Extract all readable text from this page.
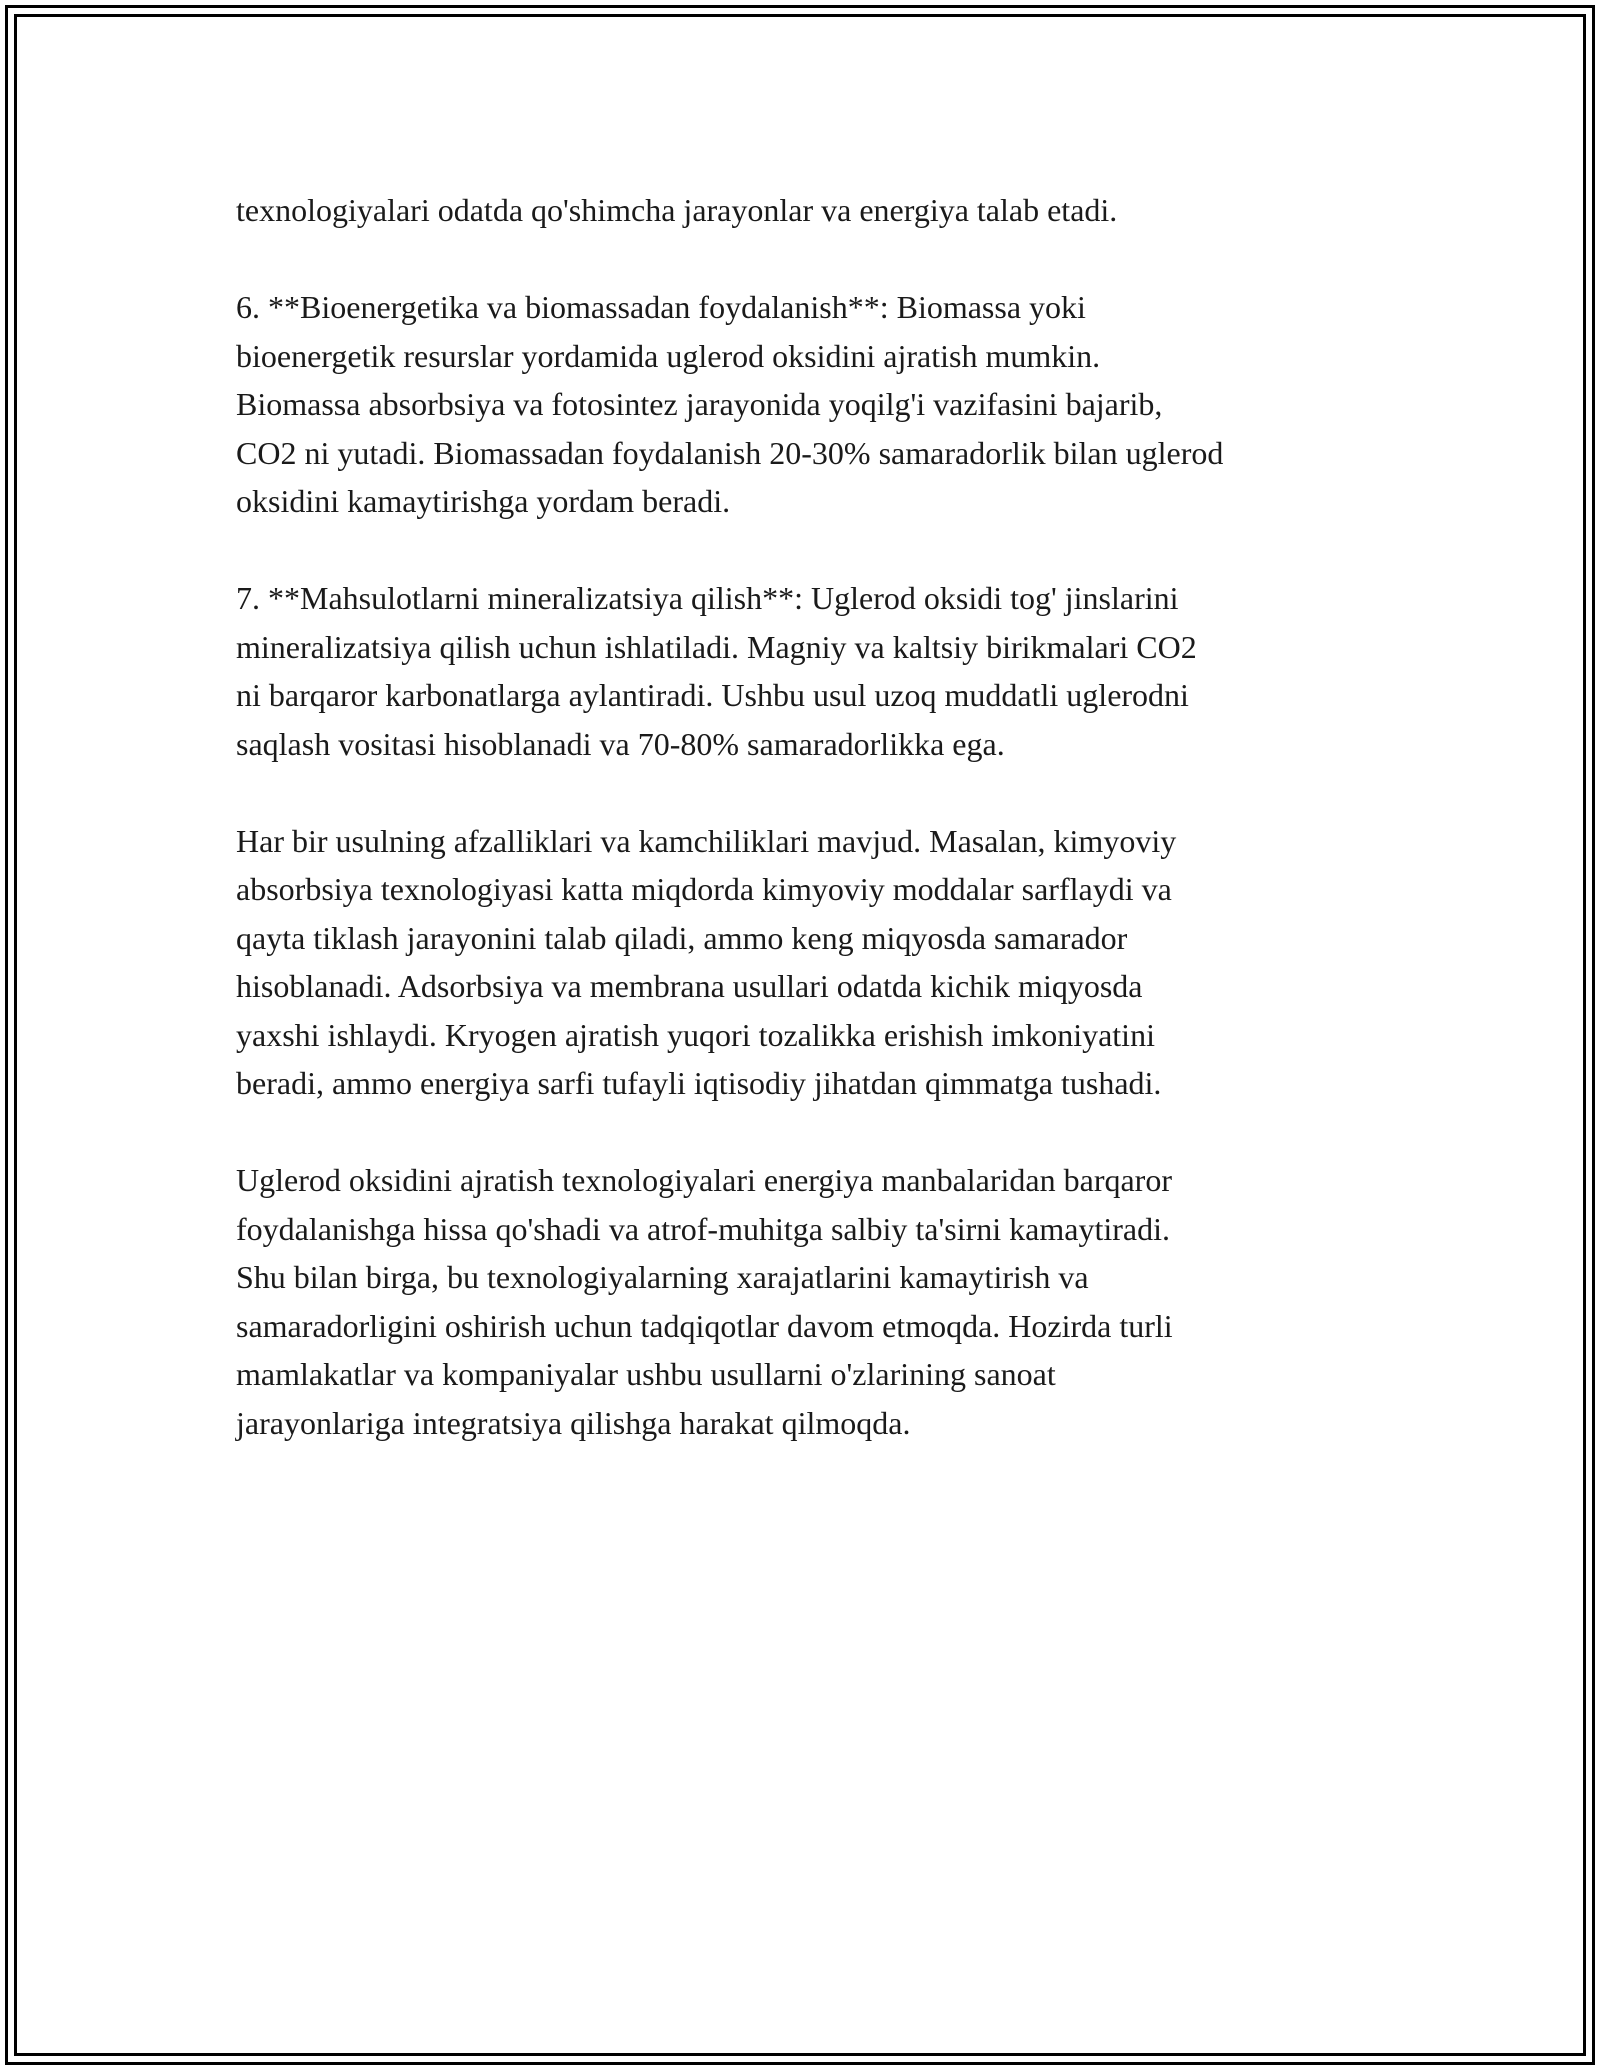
texnologiyalari odatda qo'shimcha jarayonlar va energiya talab etadi.

6. **Bioenergetika va biomassadan foydalanish**: Biomassa yoki
bioenergetik resurslar yordamida uglerod oksidini ajratish mumkin.
Biomassa absorbsiya va fotosintez jarayonida yoqilg'i vazifasini bajarib,
CO2 ni yutadi. Biomassadan foydalanish 20-30% samaradorlik bilan uglerod
oksidini kamaytirishga yordam beradi.

7. **Mahsulotlarni mineralizatsiya qilish**: Uglerod oksidi tog' jinslarini
mineralizatsiya qilish uchun ishlatiladi. Magniy va kaltsiy birikmalari CO2
ni barqaror karbonatlarga aylantiradi. Ushbu usul uzoq muddatli uglerodni
saqlash vositasi hisoblanadi va 70-80% samaradorlikka ega.

Har bir usulning afzalliklari va kamchiliklari mavjud. Masalan, kimyoviy
absorbsiya texnologiyasi katta miqdorda kimyoviy moddalar sarflaydi va
qayta tiklash jarayonini talab qiladi, ammo keng miqyosda samarador
hisoblanadi. Adsorbsiya va membrana usullari odatda kichik miqyosda
yaxshi ishlaydi. Kryogen ajratish yuqori tozalikka erishish imkoniyatini
beradi, ammo energiya sarfi tufayli iqtisodiy jihatdan qimmatga tushadi.

Uglerod oksidini ajratish texnologiyalari energiya manbalaridan barqaror
foydalanishga hissa qo'shadi va atrof-muhitga salbiy ta'sirni kamaytiradi.
Shu bilan birga, bu texnologiyalarning xarajatlarini kamaytirish va
samaradorligini oshirish uchun tadqiqotlar davom etmoqda. Hozirda turli
mamlakatlar va kompaniyalar ushbu usullarni o'zlarining sanoat
jarayonlariga integratsiya qilishga harakat qilmoqda.
